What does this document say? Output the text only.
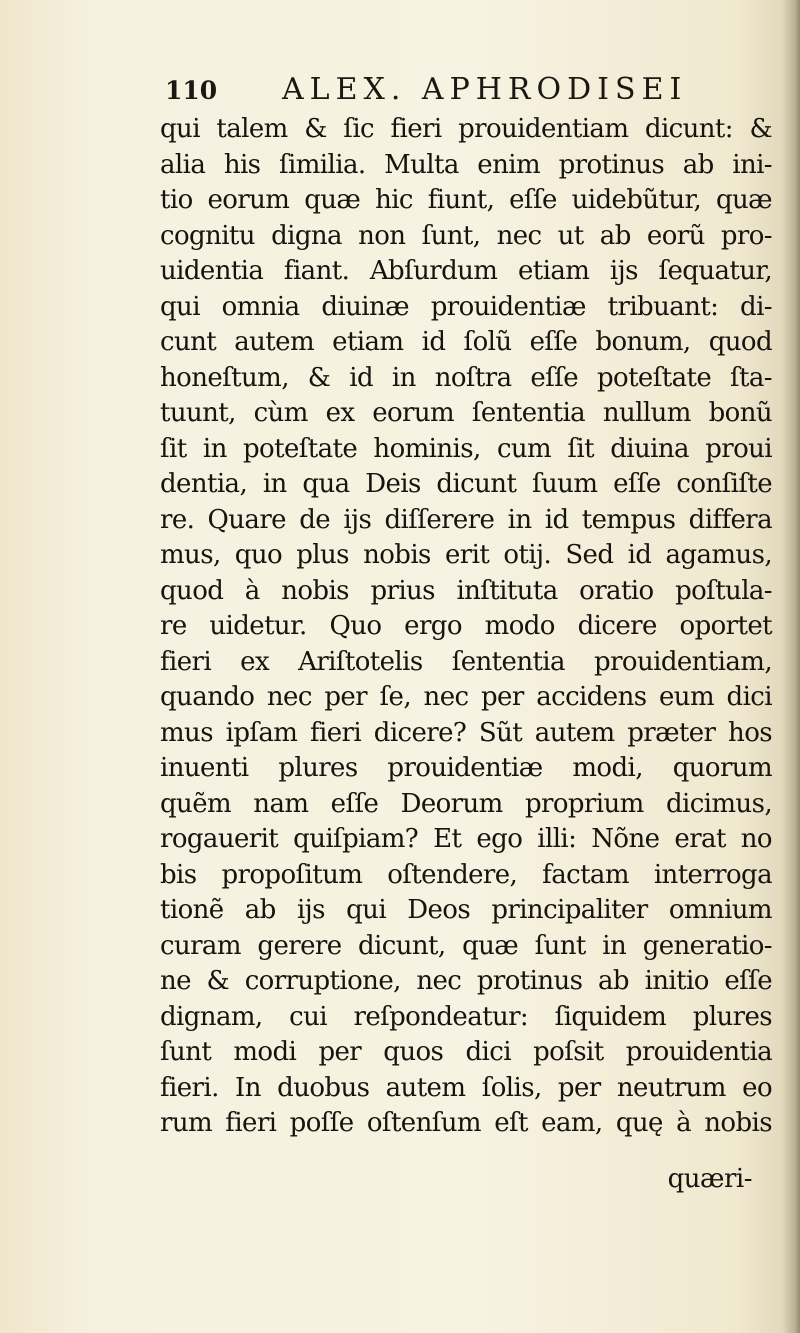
110 ALEX. APHRODISEI
qui talem & ſic fieri prouidentiam dicunt: &
alia his ſimilia. Multa enim protinus ab ini-
tio eorum quæ hic fiunt, eſſe uidebũtur, quæ
cognitu digna non ſunt, nec ut ab eorũ pro-
uidentia fiant. Abſurdum etiam ijs ſequatur,
qui omnia diuinæ prouidentiæ tribuant: di-
cunt autem etiam id ſolũ eſſe bonum, quod
honeſtum, & id in noſtra eſſe poteſtate ſta-
tuunt, cùm ex eorum ſententia nullum bonũ
ſit in poteſtate hominis, cum ſit diuina proui
dentia, in qua Deis dicunt ſuum eſſe conſiſte
re. Quare de ijs diſſerere in id tempus differa
mus, quo plus nobis erit otij. Sed id agamus,
quod à nobis prius inſtituta oratio poſtula-
re uidetur. Quo ergo modo dicere oportet
fieri ex Ariſtotelis ſententia prouidentiam,
quando nec per ſe, nec per accidens eum dici
mus ipſam fieri dicere? Sũt autem præter hos
inuenti plures prouidentiæ modi, quorum
quẽm nam eſſe Deorum proprium dicimus,
rogauerit quiſpiam? Et ego illi: Nõne erat no
bis propoſitum oſtendere, factam interroga
tionẽ ab ijs qui Deos principaliter omnium
curam gerere dicunt, quæ ſunt in generatio-
ne & corruptione, nec protinus ab initio eſſe
dignam, cui reſpondeatur: ſiquidem plures
ſunt modi per quos dici poſsit prouidentia
fieri. In duobus autem ſolis, per neutrum eo
rum fieri poſſe oſtenſum eſt eam, quę à nobis
quæri-
